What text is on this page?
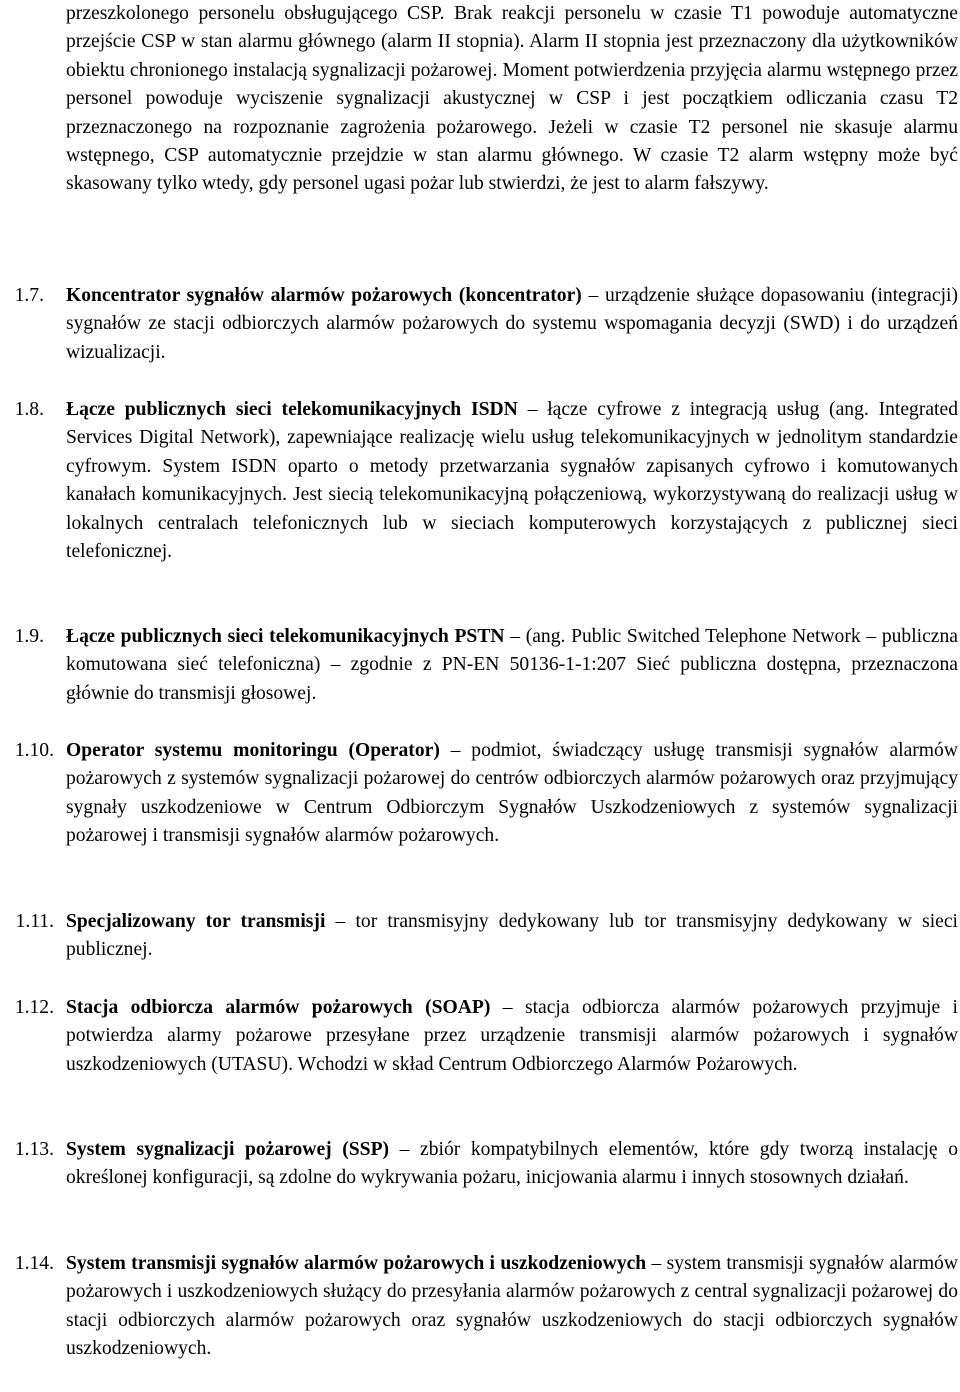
przeszkolonego personelu obsługującego CSP. Brak reakcji personelu w czasie T1 powoduje automatyczne przejście CSP w stan alarmu głównego (alarm II stopnia). Alarm II stopnia jest przeznaczony dla użytkowników obiektu chronionego instalacją sygnalizacji pożarowej. Moment potwierdzenia przyjęcia alarmu wstępnego przez personel powoduje wyciszenie sygnalizacji akustycznej w CSP i jest początkiem odliczania czasu T2 przeznaczonego na rozpoznanie zagrożenia pożarowego. Jeżeli w czasie T2 personel nie skasuje alarmu wstępnego, CSP automatycznie przejdzie w stan alarmu głównego. W czasie T2 alarm wstępny może być skasowany tylko wtedy, gdy personel ugasi pożar lub stwierdzi, że jest to alarm fałszywy.

1.7. Koncentrator sygnałów alarmów pożarowych (koncentrator) – urządzenie służące dopasowaniu (integracji) sygnałów ze stacji odbiorczych alarmów pożarowych do systemu wspomagania decyzji (SWD) i do urządzeń wizualizacji.

1.8. Łącze publicznych sieci telekomunikacyjnych ISDN – łącze cyfrowe z integracją usług (ang. Integrated Services Digital Network), zapewniające realizację wielu usług telekomunikacyjnych w jednolitym standardzie cyfrowym. System ISDN oparto o metody przetwarzania sygnałów zapisanych cyfrowo i komutowanych kanałach komunikacyjnych. Jest siecią telekomunikacyjną połączeniową, wykorzystywaną do realizacji usług w lokalnych centralach telefonicznych lub w sieciach komputerowych korzystających z publicznej sieci telefonicznej.

1.9. Łącze publicznych sieci telekomunikacyjnych PSTN – (ang. Public Switched Telephone Network – publiczna komutowana sieć telefoniczna) – zgodnie z PN-EN 50136-1-1:207 Sieć publiczna dostępna, przeznaczona głównie do transmisji głosowej.

1.10. Operator systemu monitoringu (Operator) – podmiot, świadczący usługę transmisji sygnałów alarmów pożarowych z systemów sygnalizacji pożarowej do centrów odbiorczych alarmów pożarowych oraz przyjmujący sygnały uszkodzeniowe w Centrum Odbiorczym Sygnałów Uszkodzeniowych z systemów sygnalizacji pożarowej i transmisji sygnałów alarmów pożarowych.

1.11. Specjalizowany tor transmisji – tor transmisyjny dedykowany lub tor transmisyjny dedykowany w sieci publicznej.

1.12. Stacja odbiorcza alarmów pożarowych (SOAP) – stacja odbiorcza alarmów pożarowych przyjmuje i potwierdza alarmy pożarowe przesyłane przez urządzenie transmisji alarmów pożarowych i sygnałów uszkodzeniowych (UTASU). Wchodzi w skład Centrum Odbiorczego Alarmów Pożarowych.

1.13. System sygnalizacji pożarowej (SSP) – zbiór kompatybilnych elementów, które gdy tworzą instalację o określonej konfiguracji, są zdolne do wykrywania pożaru, inicjowania alarmu i innych stosownych działań.

1.14. System transmisji sygnałów alarmów pożarowych i uszkodzeniowych – system transmisji sygnałów alarmów pożarowych i uszkodzeniowych służący do przesyłania alarmów pożarowych z central sygnalizacji pożarowej do stacji odbiorczych alarmów pożarowych oraz sygnałów uszkodzeniowych do stacji odbiorczych sygnałów uszkodzeniowych.
